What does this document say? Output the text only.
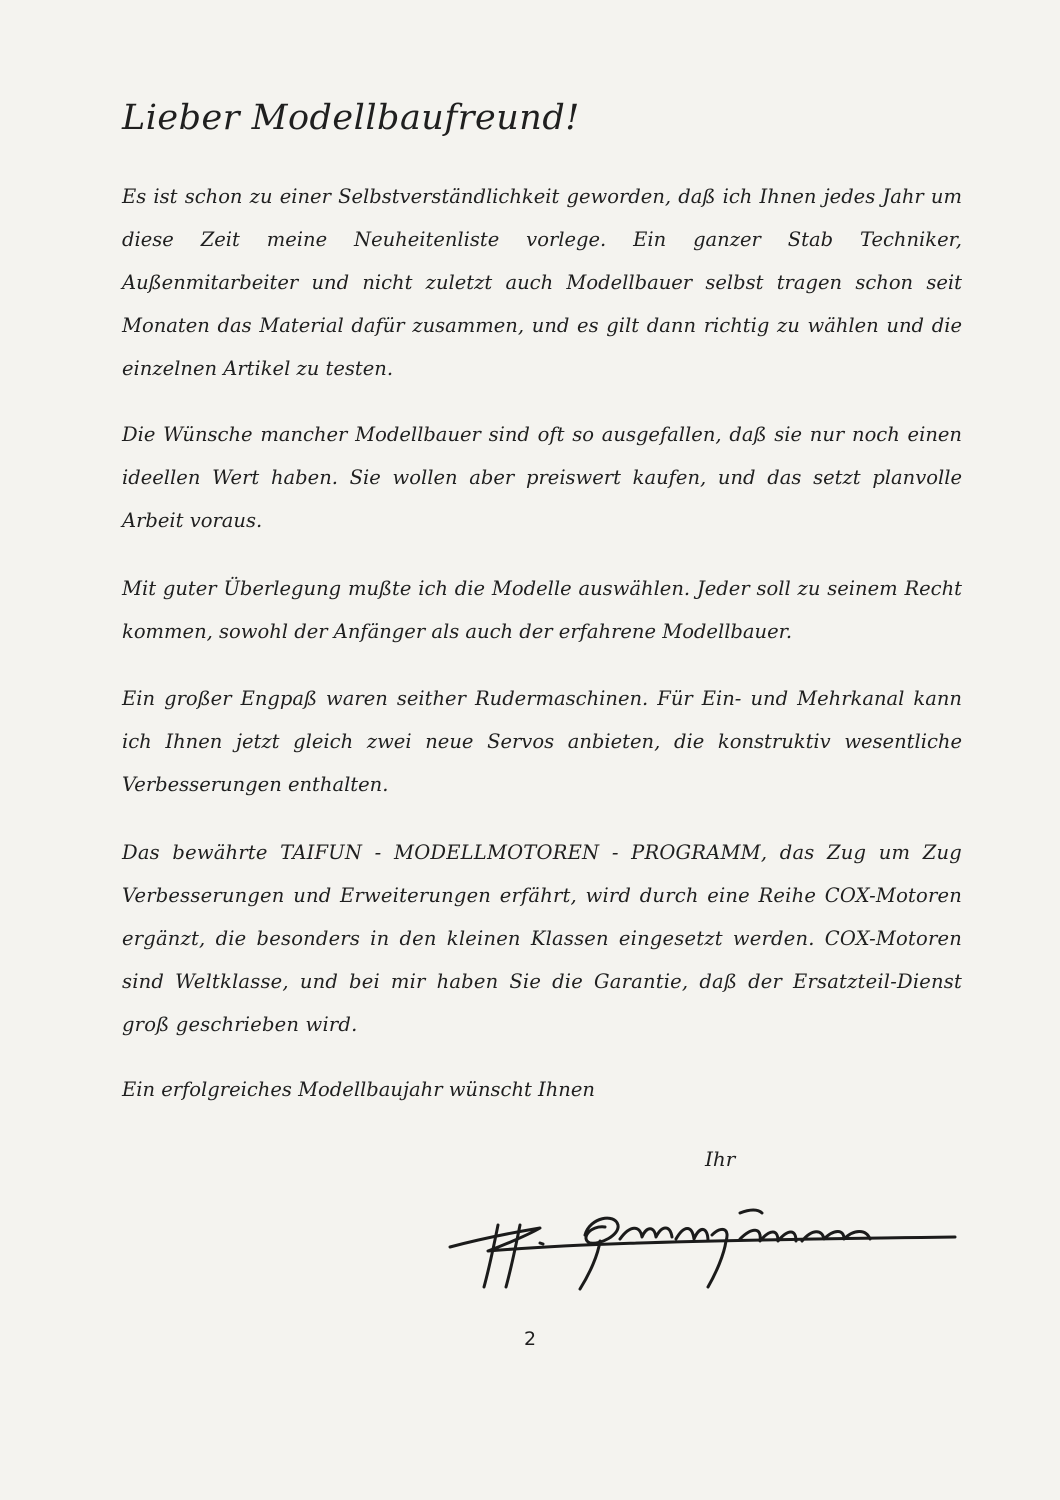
Lieber Modellbaufreund!

Es ist schon zu einer Selbstverständlichkeit geworden, daß ich Ihnen jedes Jahr um diese Zeit meine Neuheitenliste vorlege. Ein ganzer Stab Techniker, Außenmitarbeiter und nicht zuletzt auch Modellbauer selbst tragen schon seit Monaten das Material dafür zusammen, und es gilt dann richtig zu wählen und die einzelnen Artikel zu testen.

Die Wünsche mancher Modellbauer sind oft so ausgefallen, daß sie nur noch einen ideellen Wert haben. Sie wollen aber preiswert kaufen, und das setzt planvolle Arbeit voraus.

Mit guter Überlegung mußte ich die Modelle auswählen. Jeder soll zu seinem Recht kommen, sowohl der Anfänger als auch der erfahrene Modellbauer.

Ein großer Engpaß waren seither Rudermaschinen. Für Ein- und Mehrkanal kann ich Ihnen jetzt gleich zwei neue Servos anbieten, die konstruktiv wesentliche Verbesserungen enthalten.

Das bewährte TAIFUN - MODELLMOTOREN - PROGRAMM, das Zug um Zug Verbesserungen und Erweiterungen erfährt, wird durch eine Reihe COX-Motoren ergänzt, die besonders in den kleinen Klassen eingesetzt werden. COX-Motoren sind Weltklasse, und bei mir haben Sie die Garantie, daß der Ersatzteil-Dienst groß geschrieben wird.

Ein erfolgreiches Modellbaujahr wünscht Ihnen

Ihr

2
